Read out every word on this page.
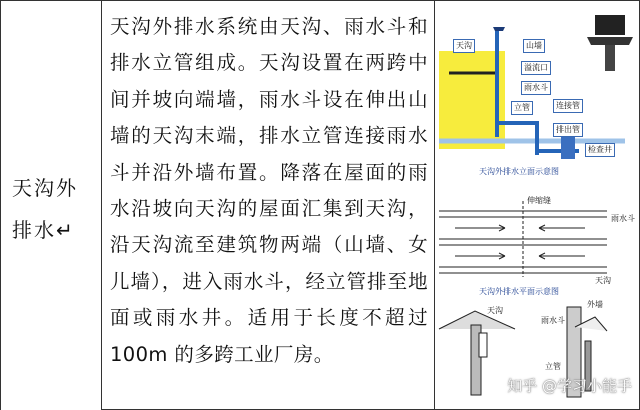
天沟外排水↵

天沟外排水系统由天沟、雨水斗和排水立管组成。天沟设置在两跨中间并坡向端墙，雨水斗设在伸出山墙的天沟末端，排水立管连接雨水斗并沿外墙布置。降落在屋面的雨水沿坡向天沟的屋面汇集到天沟，沿天沟流至建筑物两端（山墙、女儿墙），进入雨水斗，经立管排至地面或雨水井。适用于长度不超过100m 的多跨工业厂房。

天沟	山墙
溢流口
雨水斗
立管	连接管
排出管
检查井
天沟外排水立面示意图
伸缩缝
雨水斗
天沟
天沟外排水平面示意图
天沟
外墙
雨水斗
立管
知乎 @学习小能手
